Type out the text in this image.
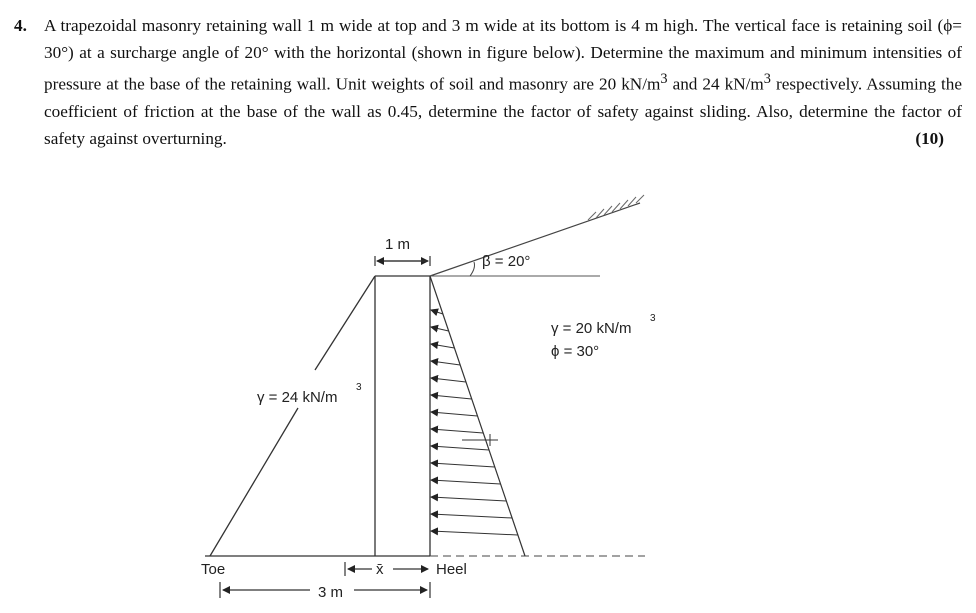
4. A trapezoidal masonry retaining wall 1 m wide at top and 3 m wide at its bottom is 4 m high. The vertical face is retaining soil (ϕ= 30°) at a surcharge angle of 20° with the horizontal (shown in figure below). Determine the maximum and minimum intensities of pressure at the base of the retaining wall. Unit weights of soil and masonry are 20 $kN/m^3$ and 24 $kN/m^3$ respectively. Assuming the coefficient of friction at the base of the wall as 0.45, determine the factor of safety against sliding. Also, determine the factor of safety against overturning.	(10)
1 m
β = 20°
γ = 20 kN/m
3
ϕ = 30°
γ = 24 kN/m
3
Toe	Heel
x̄
3 m
